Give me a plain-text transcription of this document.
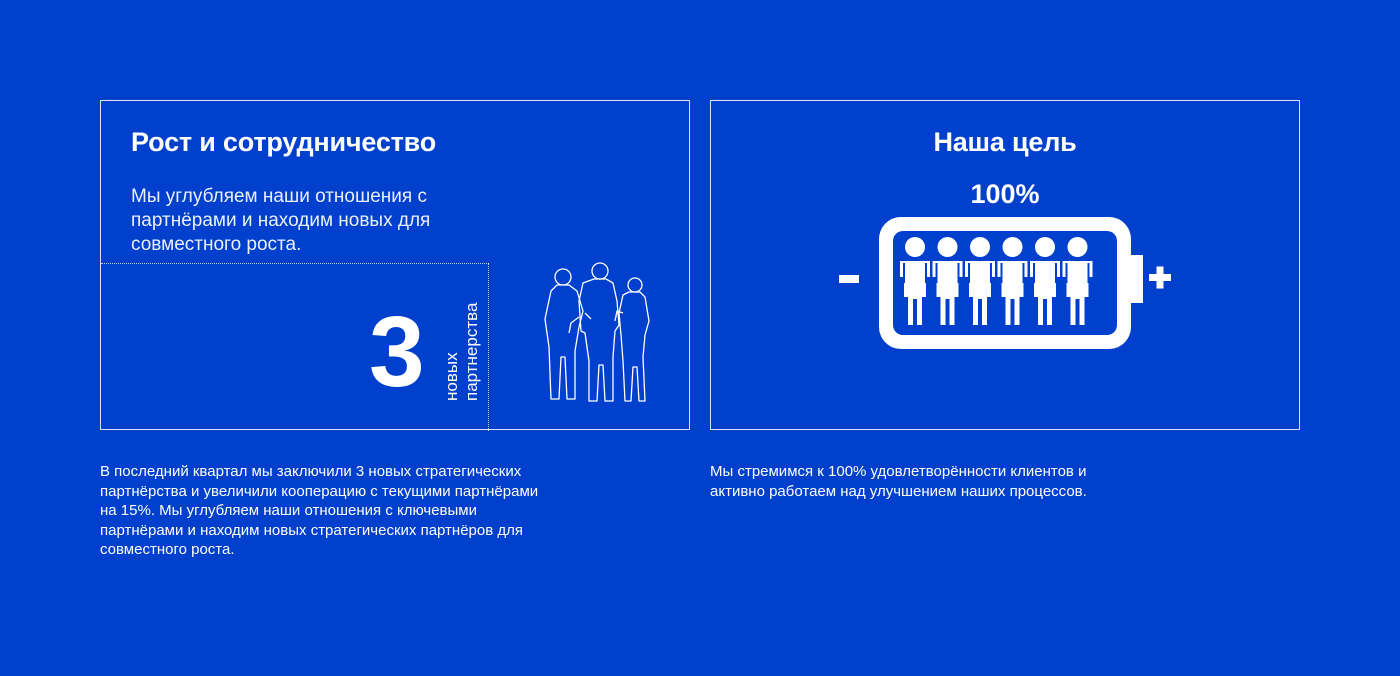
Рост и сотрудничество
Мы углубляем наши отношения с партнёрами и находим новых для совместного роста.
3 новых партнерства
Наша цель
100%
В последний квартал мы заключили 3 новых стратегических партнёрства и увеличили кооперацию с текущими партнёрами на 15%. Мы углубляем наши отношения с ключевыми партнёрами и находим новых стратегических партнёров для совместного роста.
Мы стремимся к 100% удовлетворённости клиентов и активно работаем над улучшением наших процессов.
